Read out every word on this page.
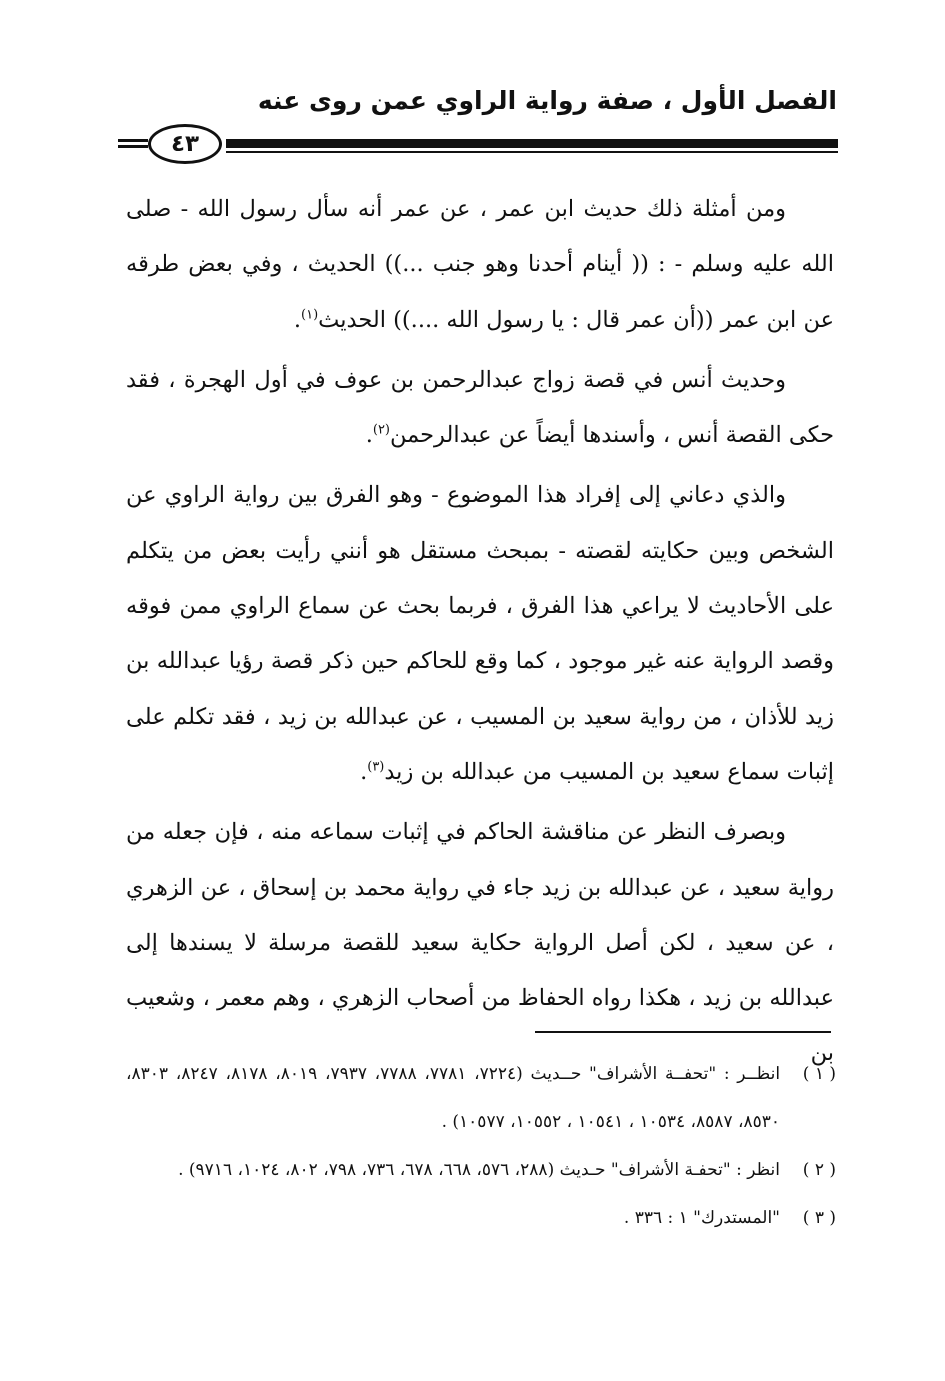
الفصل الأول ، صفة رواية الراوي عمن روى عنه
٤٣

ومن أمثلة ذلك حديث ابن عمر ، عن عمر أنه سأل رسول الله - صلى الله عليه وسلم - : (( أينام أحدنا وهو جنب ...)) الحديث ، وفي بعض طرقه عن ابن عمر ((أن عمر قال : يا رسول الله ....)) الحديث$^{(١)}$.

وحديث أنس في قصة زواج عبدالرحمن بن عوف في أول الهجرة ، فقد حكى القصة أنس ، وأسندها أيضاً عن عبدالرحمن$^{(٢)}$.

والذي دعاني إلى إفراد هذا الموضوع - وهو الفرق بين رواية الراوي عن الشخص وبين حكايته لقصته - بمبحث مستقل هو أنني رأيت بعض من يتكلم على الأحاديث لا يراعي هذا الفرق ، فربما بحث عن سماع الراوي ممن فوقه وقصد الرواية عنه غير موجود ، كما وقع للحاكم حين ذكر قصة رؤيا عبدالله بن زيد للأذان ، من رواية سعيد بن المسيب ، عن عبدالله بن زيد ، فقد تكلم على إثبات سماع سعيد بن المسيب من عبدالله بن زيد$^{(٣)}$.

وبصرف النظر عن مناقشة الحاكم في إثبات سماعه منه ، فإن جعله من رواية سعيد ، عن عبدالله بن زيد جاء في رواية محمد بن إسحاق ، عن الزهري ، عن سعيد ، لكن أصل الرواية حكاية سعيد للقصة مرسلة لا يسندها إلى عبدالله بن زيد ، هكذا رواه الحفاظ من أصحاب الزهري ، وهم معمر ، وشعيب بن

( ١ )
انظــر : "تحفــة الأشراف" حــديث (٧٢٢٤، ٧٧٨١، ٧٧٨٨، ٧٩٣٧، ٨٠١٩، ٨١٧٨، ٨٢٤٧، ٨٣٠٣، ٨٥٣٠، ٨٥٨٧، ١٠٥٣٤ ، ١٠٥٤١ ، ١٠٥٥٢، ١٠٥٧٧) .
( ٢ )
انظر : "تحفـة الأشراف" حـديث (٢٨٨، ٥٧٦، ٦٦٨، ٦٧٨، ٧٣٦، ٧٩٨، ٨٠٢، ١٠٢٤، ٩٧١٦) .
( ٣ )
"المستدرك" ١ : ٣٣٦ .
